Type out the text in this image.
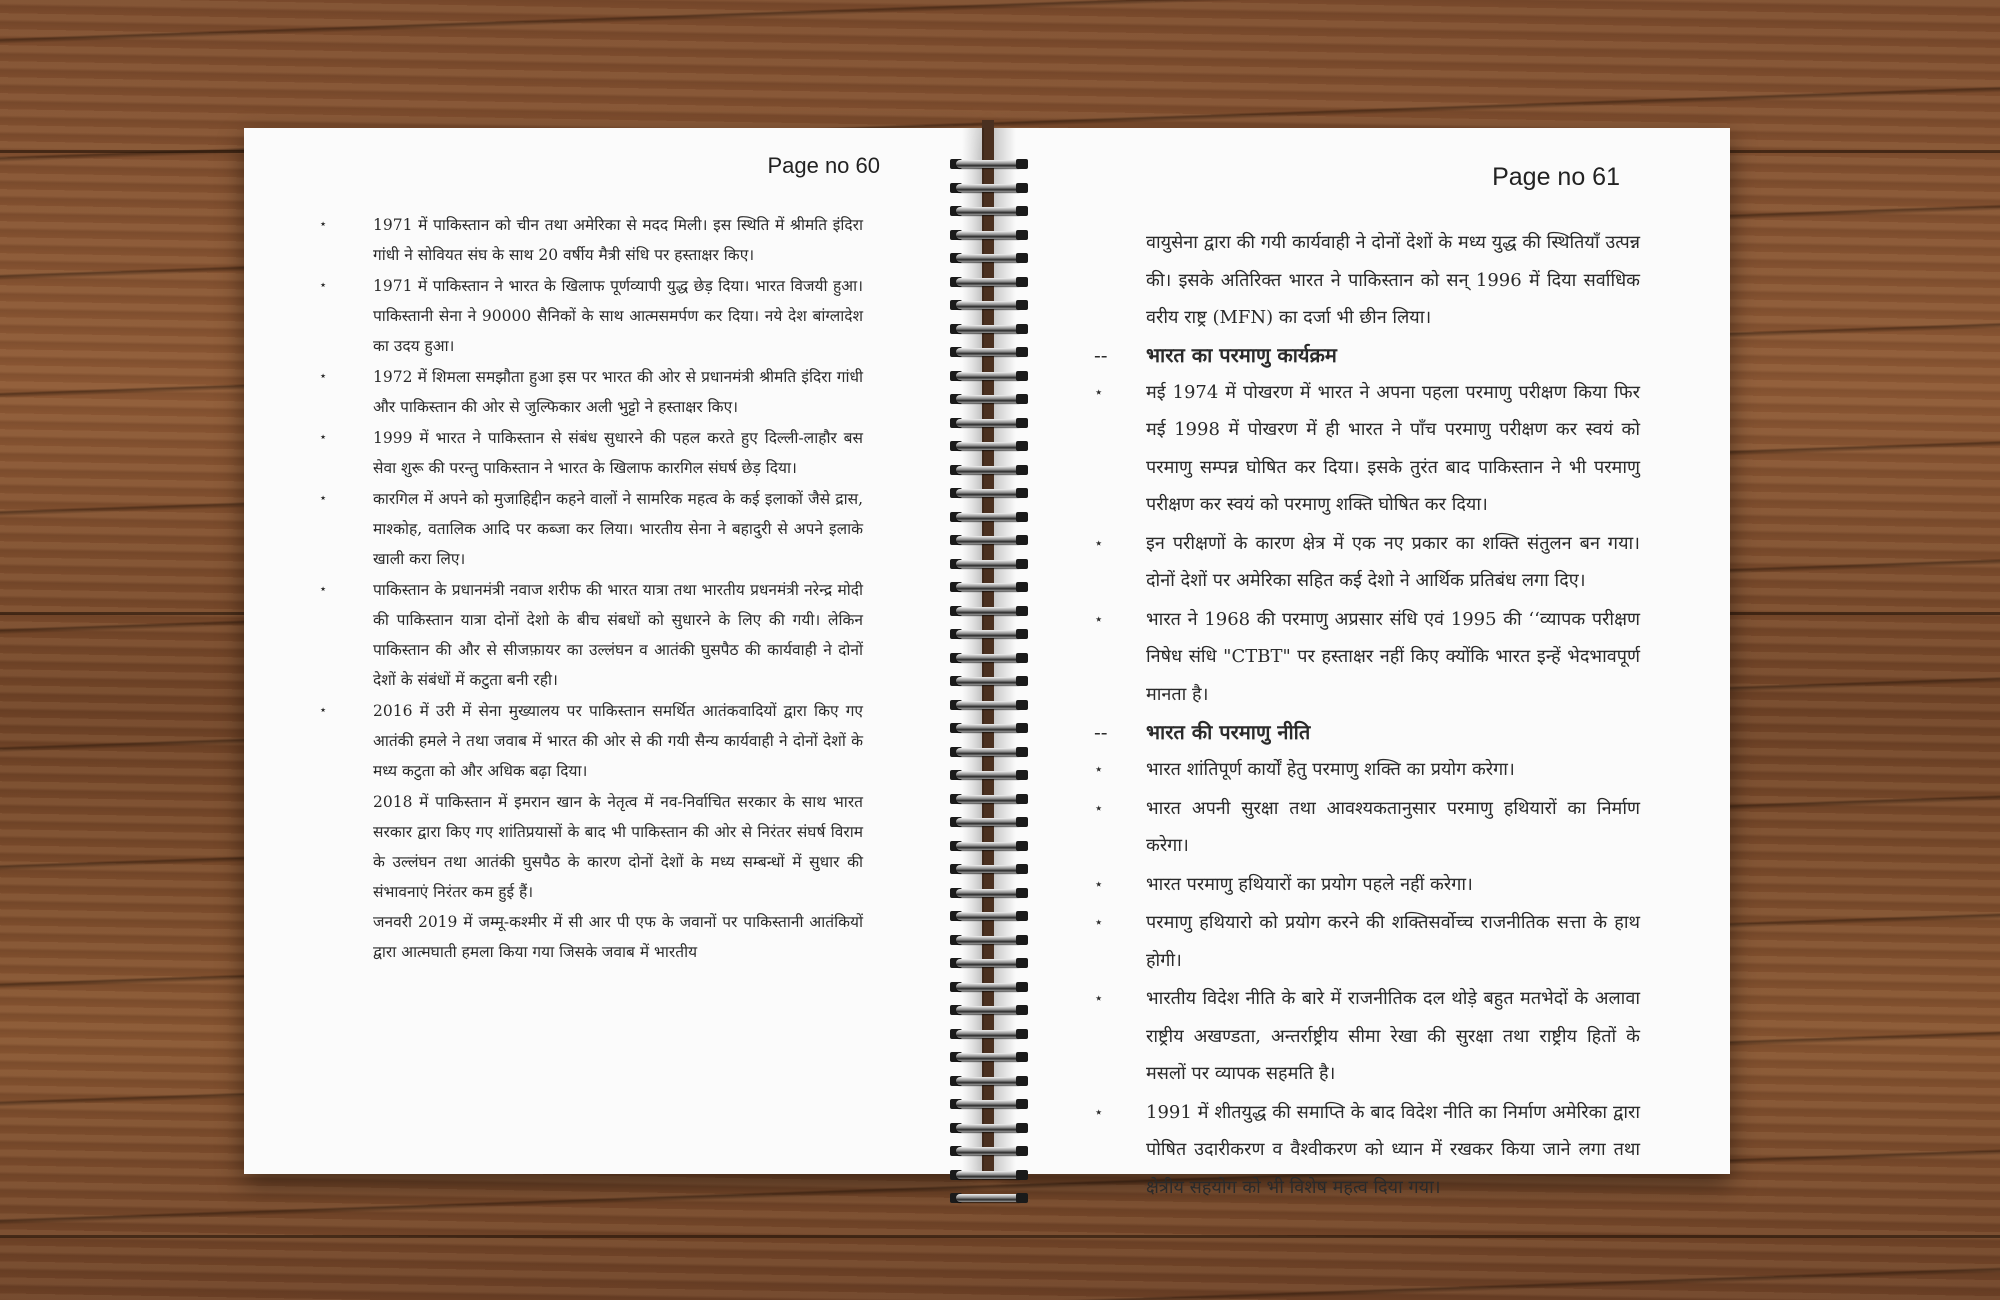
Page no 60
⋆	1971 में पाकिस्तान को चीन तथा अमेरिका से मदद मिली। इस स्थिति में श्रीमति इंदिरा गांधी ने सोवियत संघ के साथ 20 वर्षीय मैत्री संधि पर हस्ताक्षर किए।
⋆	1971 में पाकिस्तान ने भारत के खिलाफ पूर्णव्यापी युद्ध छेड़ दिया। भारत विजयी हुआ। पाकिस्तानी सेना ने 90000 सैनिकों के साथ आत्मसमर्पण कर दिया। नये देश बांग्लादेश का उदय हुआ।
⋆	1972 में शिमला समझौता हुआ इस पर भारत की ओर से प्रधानमंत्री श्रीमति इंदिरा गांधी और पाकिस्तान की ओर से जुल्फिकार अली भुट्टो ने हस्ताक्षर किए।
⋆	1999 में भारत ने पाकिस्तान से संबंध सुधारने की पहल करते हुए दिल्ली-लाहौर बस सेवा शुरू की परन्तु पाकिस्तान ने भारत के खिलाफ कारगिल संघर्ष छेड़ दिया।
⋆	कारगिल में अपने को मुजाहिद्दीन कहने वालों ने सामरिक महत्व के कई इलाकों जैसे द्रास, माश्कोह, वतालिक आदि पर कब्जा कर लिया। भारतीय सेना ने बहादुरी से अपने इलाके खाली करा लिए।
⋆	पाकिस्तान के प्रधानमंत्री नवाज शरीफ की भारत यात्रा तथा भारतीय प्रधनमंत्री नरेन्द्र मोदी की पाकिस्तान यात्रा दोनों देशो के बीच संबधों को सुधारने के लिए की गयी। लेकिन पाकिस्तान की और से सीजफ़ायर का उल्लंघन व आतंकी घुसपैठ की कार्यवाही ने दोनों देशों के संबंधों में कटुता बनी रही।
⋆	2016 में उरी में सेना मुख्यालय पर पाकिस्तान समर्थित आतंकवादियों द्वारा किए गए आतंकी हमले ने तथा जवाब में भारत की ओर से की गयी सैन्य कार्यवाही ने दोनों देशों के मध्य कटुता को और अधिक बढ़ा दिया।
2018 में पाकिस्तान में इमरान खान के नेतृत्व में नव-निर्वाचित सरकार के साथ भारत सरकार द्वारा किए गए शांतिप्रयासों के बाद भी पाकिस्तान की ओर से निरंतर संघर्ष विराम के उल्लंघन तथा आतंकी घुसपैठ के कारण दोनों देशों के मध्य सम्बन्धों में सुधार की संभावनाएं निरंतर कम हुई हैं।
जनवरी 2019 में जम्मू-कश्मीर में सी आर पी एफ के जवानों पर पाकिस्तानी आतंकियों द्वारा आत्मघाती हमला किया गया जिसके जवाब में भारतीय
Page no 61
वायुसेना द्वारा की गयी कार्यवाही ने दोनों देशों के मध्य युद्ध की स्थितियाँ उत्पन्न की। इसके अतिरिक्त भारत ने पाकिस्तान को सन् 1996 में दिया सर्वाधिक वरीय राष्ट्र (MFN) का दर्जा भी छीन लिया।
-- भारत का परमाणु कार्यक्रम
⋆ मई 1974 में पोखरण में भारत ने अपना पहला परमाणु परीक्षण किया फिर मई 1998 में पोखरण में ही भारत ने पाँच परमाणु परीक्षण कर स्वयं को परमाणु सम्पन्न घोषित कर दिया। इसके तुरंत बाद पाकिस्तान ने भी परमाणु परीक्षण कर स्वयं को परमाणु शक्ति घोषित कर दिया।
⋆ इन परीक्षणों के कारण क्षेत्र में एक नए प्रकार का शक्ति संतुलन बन गया। दोनों देशों पर अमेरिका सहित कई देशो ने आर्थिक प्रतिबंध लगा दिए।
⋆ भारत ने 1968 की परमाणु अप्रसार संधि एवं 1995 की ‘‘व्यापक परीक्षण निषेध संधि "CTBT" पर हस्ताक्षर नहीं किए क्योंकि भारत इन्हें भेदभावपूर्ण मानता है।
-- भारत की परमाणु नीति
⋆ भारत शांतिपूर्ण कार्यों हेतु परमाणु शक्ति का प्रयोग करेगा।
⋆ भारत अपनी सुरक्षा तथा आवश्यकतानुसार परमाणु हथियारों का निर्माण करेगा।
⋆ भारत परमाणु हथियारों का प्रयोग पहले नहीं करेगा।
⋆ परमाणु हथियारो को प्रयोग करने की शक्तिसर्वोच्च राजनीतिक सत्ता के हाथ होगी।
⋆ भारतीय विदेश नीति के बारे में राजनीतिक दल थोड़े बहुत मतभेदों के अलावा राष्ट्रीय अखण्डता, अन्तर्राष्ट्रीय सीमा रेखा की सुरक्षा तथा राष्ट्रीय हितों के मसलों पर व्यापक सहमति है।
⋆ 1991 में शीतयुद्ध की समाप्ति के बाद विदेश नीति का निर्माण अमेरिका द्वारा पोषित उदारीकरण व वैश्वीकरण को ध्यान में रखकर किया जाने लगा तथा क्षेत्रीय सहयोग को भी विशेष महत्व दिया गया।
